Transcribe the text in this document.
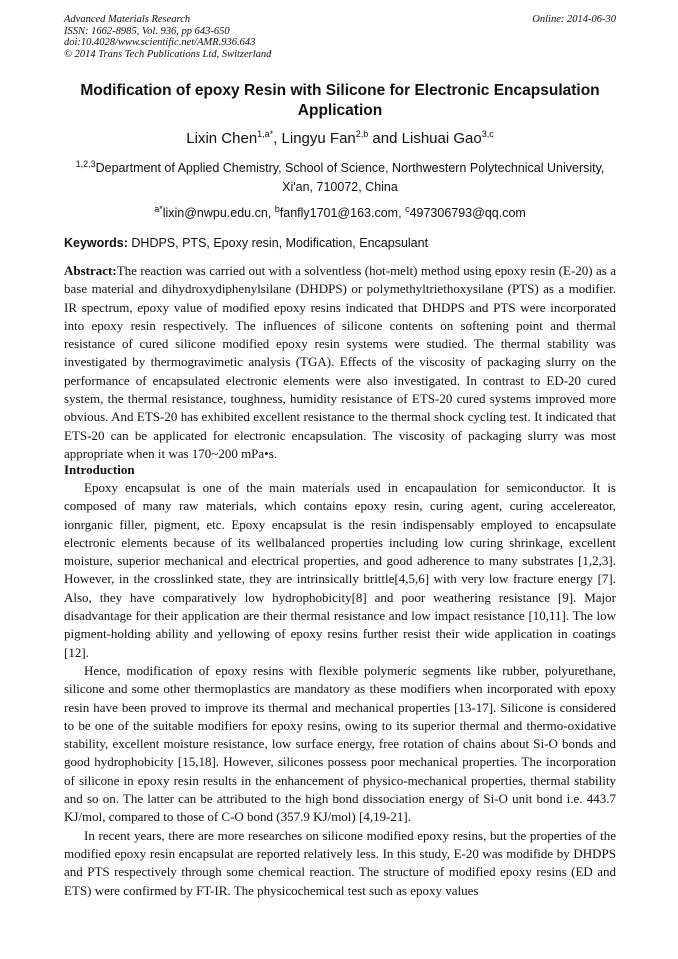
Advanced Materials Research
ISSN: 1662-8985, Vol. 936, pp 643-650
doi:10.4028/www.scientific.net/AMR.936.643
© 2014 Trans Tech Publications Ltd, Switzerland
Online: 2014-06-30
Modification of epoxy Resin with Silicone for Electronic Encapsulation Application
Lixin Chen$^{1,a*}$, Lingyu Fan$^{2,b}$ and Lishuai Gao$^{3,c}$
$^{1,2,3}$Department of Applied Chemistry, School of Science, Northwestern Polytechnical University, Xi'an, 710072, China
$^{a*}$lixin@nwpu.edu.cn, $^b$fanfly1701@163.com, $^c$497306793@qq.com
Keywords: DHDPS, PTS, Epoxy resin, Modification, Encapsulant
Abstract:The reaction was carried out with a solventless (hot-melt) method using epoxy resin (E-20) as a base material and dihydroxydiphenylsilane (DHDPS) or polymethyltriethoxysilane (PTS) as a modifier. IR spectrum, epoxy value of modified epoxy resins indicated that DHDPS and PTS were incorporated into epoxy resin respectively. The influences of silicone contents on softening point and thermal resistance of cured silicone modified epoxy resin systems were studied. The thermal stability was investigated by thermogravimetic analysis (TGA). Effects of the viscosity of packaging slurry on the performance of encapsulated electronic elements were also investigated. In contrast to ED-20 cured system, the thermal resistance, toughness, humidity resistance of ETS-20 cured systems improved more obvious. And ETS-20 has exhibited excellent resistance to the thermal shock cycling test. It indicated that ETS-20 can be applicated for electronic encapsulation. The viscosity of packaging slurry was most appropriate when it was 170~200 mPa•s.
Introduction

Epoxy encapsulat is one of the main materials used in encapaulation for semiconductor. It is composed of many raw materials, which contains epoxy resin, curing agent, curing accelereator, ionrganic filler, pigment, etc. Epoxy encapsulat is the resin indispensably employed to encapsulate electronic elements because of its wellbalanced properties including low curing shrinkage, excellent moisture, superior mechanical and electrical properties, and good adherence to many substrates [1,2,3]. However, in the crosslinked state, they are intrinsically brittle[4,5,6] with very low fracture energy [7]. Also, they have comparatively low hydrophobicity[8] and poor weathering resistance [9]. Major disadvantage for their application are their thermal resistance and low impact resistance [10,11]. The low pigment-holding ability and yellowing of epoxy resins further resist their wide application in coatings [12].

Hence, modification of epoxy resins with flexible polymeric segments like rubber, polyurethane, silicone and some other thermoplastics are mandatory as these modifiers when incorporated with epoxy resin have been proved to improve its thermal and mechanical properties [13-17]. Silicone is considered to be one of the suitable modifiers for epoxy resins, owing to its superior thermal and thermo-oxidative stability, excellent moisture resistance, low surface energy, free rotation of chains about Si-O bonds and good hydrophobicity [15,18]. However, silicones possess poor mechanical properties. The incorporation of silicone in epoxy resin results in the enhancement of physico-mechanical properties, thermal stability and so on. The latter can be attributed to the high bond dissociation energy of Si-O unit bond i.e. 443.7 KJ/mol, compared to those of C-O bond (357.9 KJ/mol) [4,19-21].

In recent years, there are more researches on silicone modified epoxy resins, but the properties of the modified epoxy resin encapsulat are reported relatively less. In this study, E-20 was modifide by DHDPS and PTS respectively through some chemical reaction. The structure of modified epoxy resins (ED and ETS) were confirmed by FT-IR. The physicochemical test such as epoxy values
